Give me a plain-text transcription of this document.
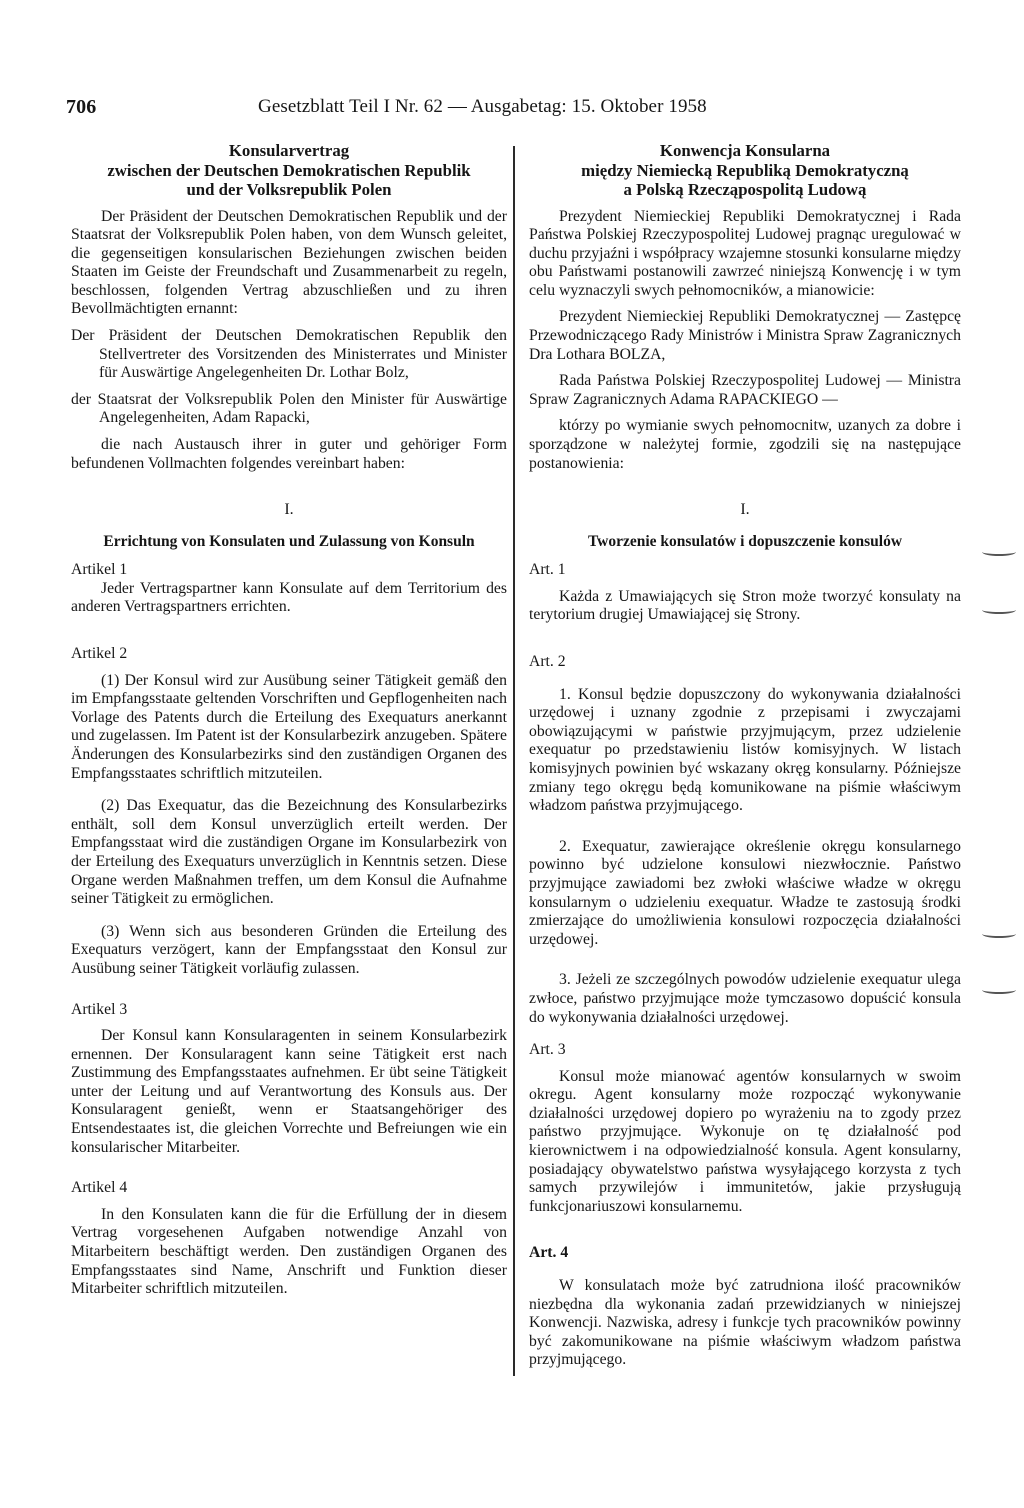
706	Gesetzblatt Teil I Nr. 62 — Ausgabetag: 15. Oktober 1958
Konsularvertrag
zwischen der Deutschen Demokratischen Republik
und der Volksrepublik Polen

Der Präsident der Deutschen Demokratischen Republik und der Staatsrat der Volksrepublik Polen haben, von dem Wunsch geleitet, die gegenseitigen konsularischen Beziehungen zwischen beiden Staaten im Geiste der Freundschaft und Zusammenarbeit zu regeln, beschlossen, folgenden Vertrag abzuschließen und zu ihren Bevollmächtigten ernannt:

Der Präsident der Deutschen Demokratischen Republik den Stellvertreter des Vorsitzenden des Ministerrates und Minister für Auswärtige Angelegenheiten Dr. Lothar Bolz,

der Staatsrat der Volksrepublik Polen den Minister für Auswärtige Angelegenheiten, Adam Rapacki,

die nach Austausch ihrer in guter und gehöriger Form befundenen Vollmachten folgendes vereinbart haben:

I.
Errichtung von Konsulaten und Zulassung von Konsuln

Artikel 1

Jeder Vertragspartner kann Konsulate auf dem Territorium des anderen Vertragspartners errichten.

Artikel 2

(1) Der Konsul wird zur Ausübung seiner Tätigkeit gemäß den im Empfangsstaate geltenden Vorschriften und Gepflogenheiten nach Vorlage des Patents durch die Erteilung des Exequaturs anerkannt und zugelassen. Im Patent ist der Konsularbezirk anzugeben. Spätere Änderungen des Konsularbezirks sind den zuständigen Organen des Empfangsstaates schriftlich mitzuteilen.

(2) Das Exequatur, das die Bezeichnung des Konsularbezirks enthält, soll dem Konsul unverzüglich erteilt werden. Der Empfangsstaat wird die zuständigen Organe im Konsularbezirk von der Erteilung des Exequaturs unverzüglich in Kenntnis setzen. Diese Organe werden Maßnahmen treffen, um dem Konsul die Aufnahme seiner Tätigkeit zu ermöglichen.

(3) Wenn sich aus besonderen Gründen die Erteilung des Exequaturs verzögert, kann der Empfangsstaat den Konsul zur Ausübung seiner Tätigkeit vorläufig zulassen.

Artikel 3

Der Konsul kann Konsularagenten in seinem Konsularbezirk ernennen. Der Konsularagent kann seine Tätigkeit erst nach Zustimmung des Empfangsstaates aufnehmen. Er übt seine Tätigkeit unter der Leitung und auf Verantwortung des Konsuls aus. Der Konsularagent genießt, wenn er Staatsangehöriger des Entsendestaates ist, die gleichen Vorrechte und Befreiungen wie ein konsularischer Mitarbeiter.

Artikel 4

In den Konsulaten kann die für die Erfüllung der in diesem Vertrag vorgesehenen Aufgaben notwendige Anzahl von Mitarbeitern beschäftigt werden. Den zuständigen Organen des Empfangsstaates sind Name, Anschrift und Funktion dieser Mitarbeiter schriftlich mitzuteilen.

Konwencja Konsularna
między Niemiecką Republiką Demokratyczną
a Polską Rzecząpospolitą Ludową

Prezydent Niemieckiej Republiki Demokratycznej i Rada Państwa Polskiej Rzeczypospolitej Ludowej pragnąc uregulować w duchu przyjaźni i współpracy wzajemne stosunki konsularne między obu Państwami postanowili zawrzeć niniejszą Konwencję i w tym celu wyznaczyli swych pełnomocników, a mianowicie:

Prezydent Niemieckiej Republiki Demokratycznej — Zastępcę Przewodniczącego Rady Ministrów i Ministra Spraw Zagranicznych Dra Lothara BOLZA,

Rada Państwa Polskiej Rzeczypospolitej Ludowej — Ministra Spraw Zagranicznych Adama RAPACKIEGO —

którzy po wymianie swych pełnomocnitw, uzanych za dobre i sporządzone w należytej formie, zgodzili się na następujące postanowienia:

I.
Tworzenie konsulatów i dopuszczenie konsulów

Art. 1

Każda z Umawiających się Stron może tworzyć konsulaty na terytorium drugiej Umawiającej się Strony.

Art. 2

1. Konsul będzie dopuszczony do wykonywania działalności urzędowej i uznany zgodnie z przepisami i zwyczajami obowiązującymi w państwie przyjmującym, przez udzielenie exequatur po przedstawieniu listów komisyjnych. W listach komisyjnych powinien być wskazany okręg konsularny. Późniejsze zmiany tego okręgu będą komunikowane na piśmie właściwym władzom państwa przyjmującego.

2. Exequatur, zawierające określenie okręgu konsularnego powinno być udzielone konsulowi niezwłocznie. Państwo przyjmujące zawiadomi bez zwłoki właściwe władze w okręgu konsularnym o udzieleniu exequatur. Władze te zastosują środki zmierzające do umożliwienia konsulowi rozpoczęcia działalności urzędowej.

3. Jeżeli ze szczególnych powodów udzielenie exequatur ulega zwłoce, państwo przyjmujące może tymczasowo dopuścić konsula do wykonywania działalności urzędowej.

Art. 3

Konsul może mianować agentów konsularnych w swoim okregu. Agent konsularny może rozpocząć wykonywanie działalności urzędowej dopiero po wyrażeniu na to zgody przez państwo przyjmujące. Wykonuje on tę działalność pod kierownictwem i na odpowiedzialność konsula. Agent konsularny, posiadający obywatelstwo państwa wysyłającego korzysta z tych samych przywilejów i immunitetów, jakie przysługują funkcjonariuszowi konsularnemu.

Art. 4

W konsulatach może być zatrudniona ilość pracowników niezbędna dla wykonania zadań przewidzianych w niniejszej Konwencji. Nazwiska, adresy i funkcje tych pracowników powinny być zakomunikowane na piśmie właściwym władzom państwa przyjmującego.
